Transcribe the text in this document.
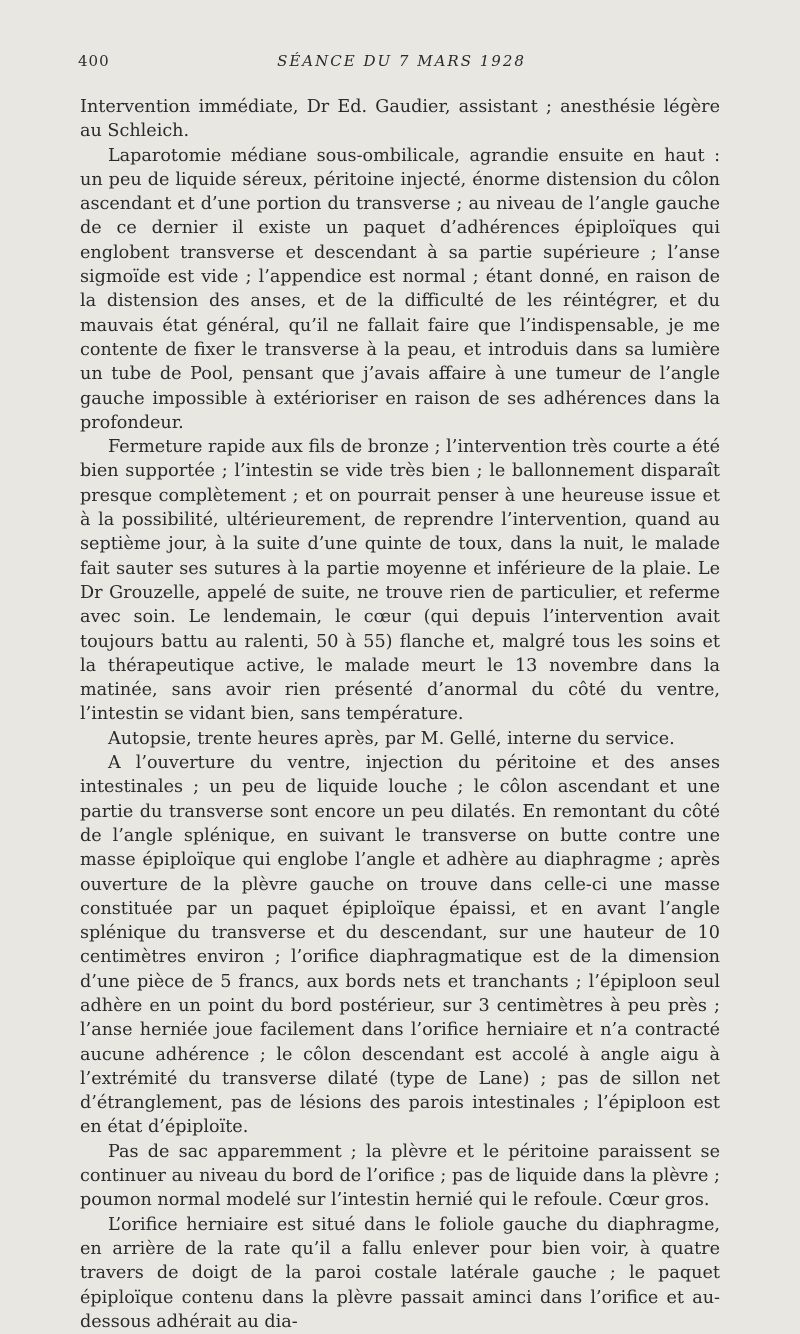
400	SÉANCE DU 7 MARS 1928

Intervention immédiate, Dr Ed. Gaudier, assistant ; anesthésie légère au Schleich.

Laparotomie médiane sous-ombilicale, agrandie ensuite en haut : un peu de liquide séreux, péritoine injecté, énorme distension du côlon ascendant et d’une portion du transverse ; au niveau de l’angle gauche de ce dernier il existe un paquet d’adhérences épiploïques qui englobent transverse et descendant à sa partie supérieure ; l’anse sigmoïde est vide ; l’appendice est normal ; étant donné, en raison de la distension des anses, et de la difficulté de les réintégrer, et du mauvais état général, qu’il ne fallait faire que l’indispensable, je me contente de fixer le transverse à la peau, et introduis dans sa lumière un tube de Pool, pensant que j’avais affaire à une tumeur de l’angle gauche impossible à extérioriser en raison de ses adhérences dans la profondeur.

Fermeture rapide aux fils de bronze ; l’intervention très courte a été bien supportée ; l’intestin se vide très bien ; le ballonnement disparaît presque complètement ; et on pourrait penser à une heureuse issue et à la possibilité, ultérieurement, de reprendre l’intervention, quand au septième jour, à la suite d’une quinte de toux, dans la nuit, le malade fait sauter ses sutures à la partie moyenne et inférieure de la plaie. Le Dr Grouzelle, appelé de suite, ne trouve rien de particulier, et referme avec soin. Le lendemain, le cœur (qui depuis l’intervention avait toujours battu au ralenti, 50 à 55) flanche et, malgré tous les soins et la thérapeutique active, le malade meurt le 13 novembre dans la matinée, sans avoir rien présenté d’anormal du côté du ventre, l’intestin se vidant bien, sans température.

Autopsie, trente heures après, par M. Gellé, interne du service.

A l’ouverture du ventre, injection du péritoine et des anses intestinales ; un peu de liquide louche ; le côlon ascendant et une partie du transverse sont encore un peu dilatés. En remontant du côté de l’angle splénique, en suivant le transverse on butte contre une masse épiploïque qui englobe l’angle et adhère au diaphragme ; après ouverture de la plèvre gauche on trouve dans celle-ci une masse constituée par un paquet épiploïque épaissi, et en avant l’angle splénique du transverse et du descendant, sur une hauteur de 10 centimètres environ ; l’orifice diaphragmatique est de la dimension d’une pièce de 5 francs, aux bords nets et tranchants ; l’épiploon seul adhère en un point du bord postérieur, sur 3 centimètres à peu près ; l’anse herniée joue facilement dans l’orifice herniaire et n’a contracté aucune adhérence ; le côlon descendant est accolé à angle aigu à l’extrémité du transverse dilaté (type de Lane) ; pas de sillon net d’étranglement, pas de lésions des parois intestinales ; l’épiploon est en état d’épiploïte.

Pas de sac apparemment ; la plèvre et le péritoine paraissent se continuer au niveau du bord de l’orifice ; pas de liquide dans la plèvre ; poumon normal modelé sur l’intestin hernié qui le refoule. Cœur gros.

L’orifice herniaire est situé dans le foliole gauche du diaphragme, en arrière de la rate qu’il a fallu enlever pour bien voir, à quatre travers de doigt de la paroi costale latérale gauche ; le paquet épiploïque contenu dans la plèvre passait aminci dans l’orifice et au-dessous adhérait au dia-
